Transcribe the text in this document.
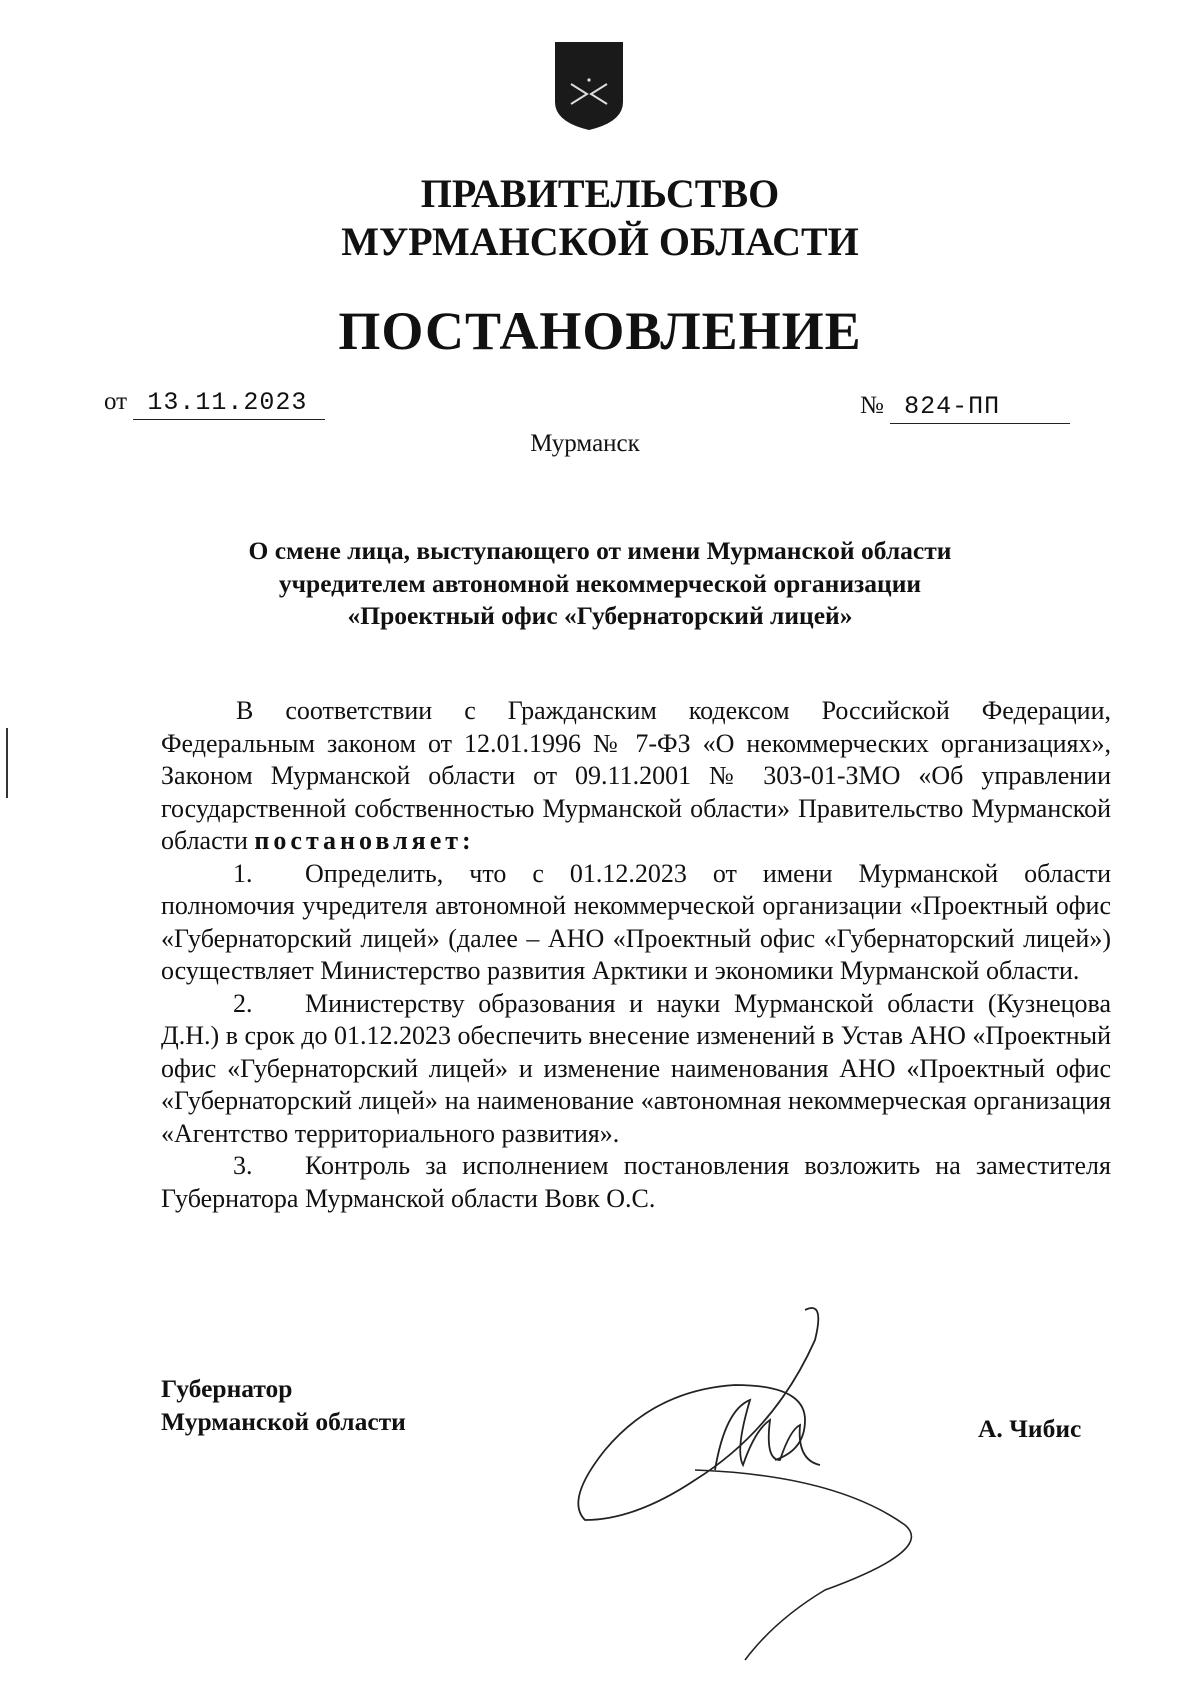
ПРАВИТЕЛЬСТВО
МУРМАНСКОЙ ОБЛАСТИ
ПОСТАНОВЛЕНИЕ
от 13.11.2023	№ 824-ПП
Мурманск
О смене лица, выступающего от имени Мурманской области
учредителем автономной некоммерческой организации
«Проектный офис «Губернаторский лицей»

В соответствии с Гражданским кодексом Российской Федерации, Федеральным законом от 12.01.1996 № 7-ФЗ «О некоммерческих организациях», Законом Мурманской области от 09.11.2001 № 303-01-ЗМО «Об управлении государственной собственностью Мурманской области» Правительство Мурманской области постановляет:

1. Определить, что с 01.12.2023 от имени Мурманской области полномочия учредителя автономной некоммерческой организации «Проектный офис «Губернаторский лицей» (далее – АНО «Проектный офис «Губернаторский лицей») осуществляет Министерство развития Арктики и экономики Мурманской области.

2. Министерству образования и науки Мурманской области (Кузнецова Д.Н.) в срок до 01.12.2023 обеспечить внесение изменений в Устав АНО «Проектный офис «Губернаторский лицей» и изменение наименования АНО «Проектный офис «Губернаторский лицей» на наименование «автономная некоммерческая организация «Агентство территориального развития».

3. Контроль за исполнением постановления возложить на заместителя Губернатора Мурманской области Вовк О.С.

Губернатор
Мурманской области	А. Чибис
